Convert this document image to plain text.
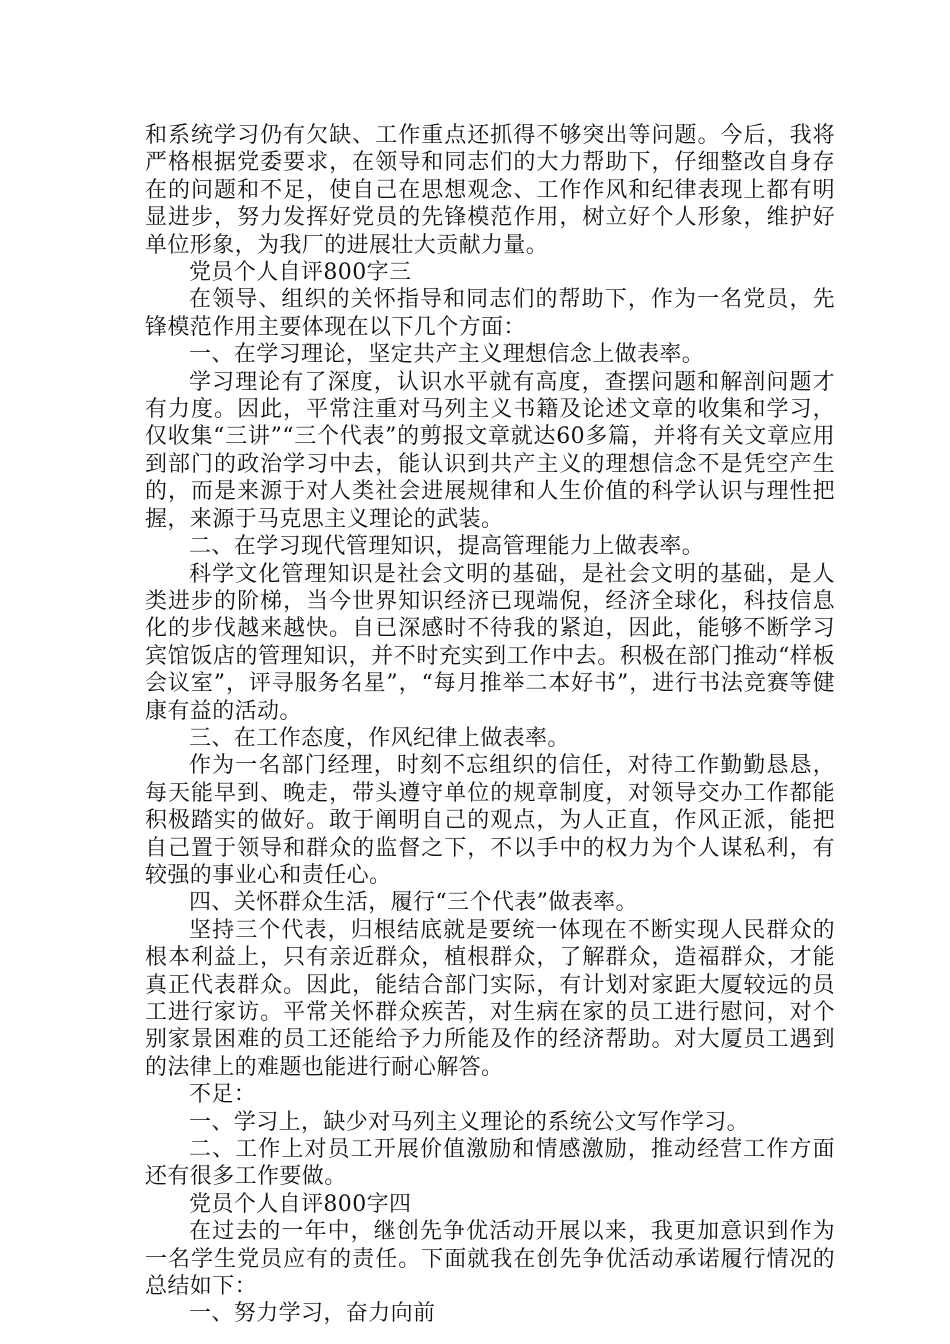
和系统学习仍有欠缺、工作重点还抓得不够突出等问题。今后，我将严格根据党委要求，在领导和同志们的大力帮助下，仔细整改自身存在的问题和不足，使自己在思想观念、工作作风和纪律表现上都有明显进步，努力发挥好党员的先锋模范作用，树立好个人形象，维护好单位形象，为我厂的进展壮大贡献力量。

党员个人自评800字三

在领导、组织的关怀指导和同志们的帮助下，作为一名党员，先锋模范作用主要体现在以下几个方面：

一、在学习理论，坚定共产主义理想信念上做表率。

学习理论有了深度，认识水平就有高度，查摆问题和解剖问题才有力度。因此，平常注重对马列主义书籍及论述文章的收集和学习，仅收集“三讲”“三个代表”的剪报文章就达60多篇，并将有关文章应用到部门的政治学习中去，能认识到共产主义的理想信念不是凭空产生的，而是来源于对人类社会进展规律和人生价值的科学认识与理性把握，来源于马克思主义理论的武装。

二、在学习现代管理知识，提高管理能力上做表率。

科学文化管理知识是社会文明的基础，是社会文明的基础，是人类进步的阶梯，当今世界知识经济已现端倪，经济全球化，科技信息化的步伐越来越快。自已深感时不待我的紧迫，因此，能够不断学习宾馆饭店的管理知识，并不时充实到工作中去。积极在部门推动“样板会议室”，评寻服务名星”，“每月推举二本好书”，进行书法竞赛等健康有益的活动。

三、在工作态度，作风纪律上做表率。

作为一名部门经理，时刻不忘组织的信任，对待工作勤勤恳恳，每天能早到、晚走，带头遵守单位的规章制度，对领导交办工作都能积极踏实的做好。敢于阐明自己的观点，为人正直，作风正派，能把自己置于领导和群众的监督之下，不以手中的权力为个人谋私利，有较强的事业心和责任心。

四、关怀群众生活，履行“三个代表”做表率。

坚持三个代表，归根结底就是要统一体现在不断实现人民群众的根本利益上，只有亲近群众，植根群众，了解群众，造福群众，才能真正代表群众。因此，能结合部门实际，有计划对家距大厦较远的员工进行家访。平常关怀群众疾苦，对生病在家的员工进行慰问，对个别家景困难的员工还能给予力所能及作的经济帮助。对大厦员工遇到的法律上的难题也能进行耐心解答。

不足：

一、学习上，缺少对马列主义理论的系统公文写作学习。

二、工作上对员工开展价值激励和情感激励，推动经营工作方面还有很多工作要做。

党员个人自评800字四

在过去的一年中，继创先争优活动开展以来，我更加意识到作为一名学生党员应有的责任。下面就我在创先争优活动承诺履行情况的总结如下：

一、努力学习，奋力向前
